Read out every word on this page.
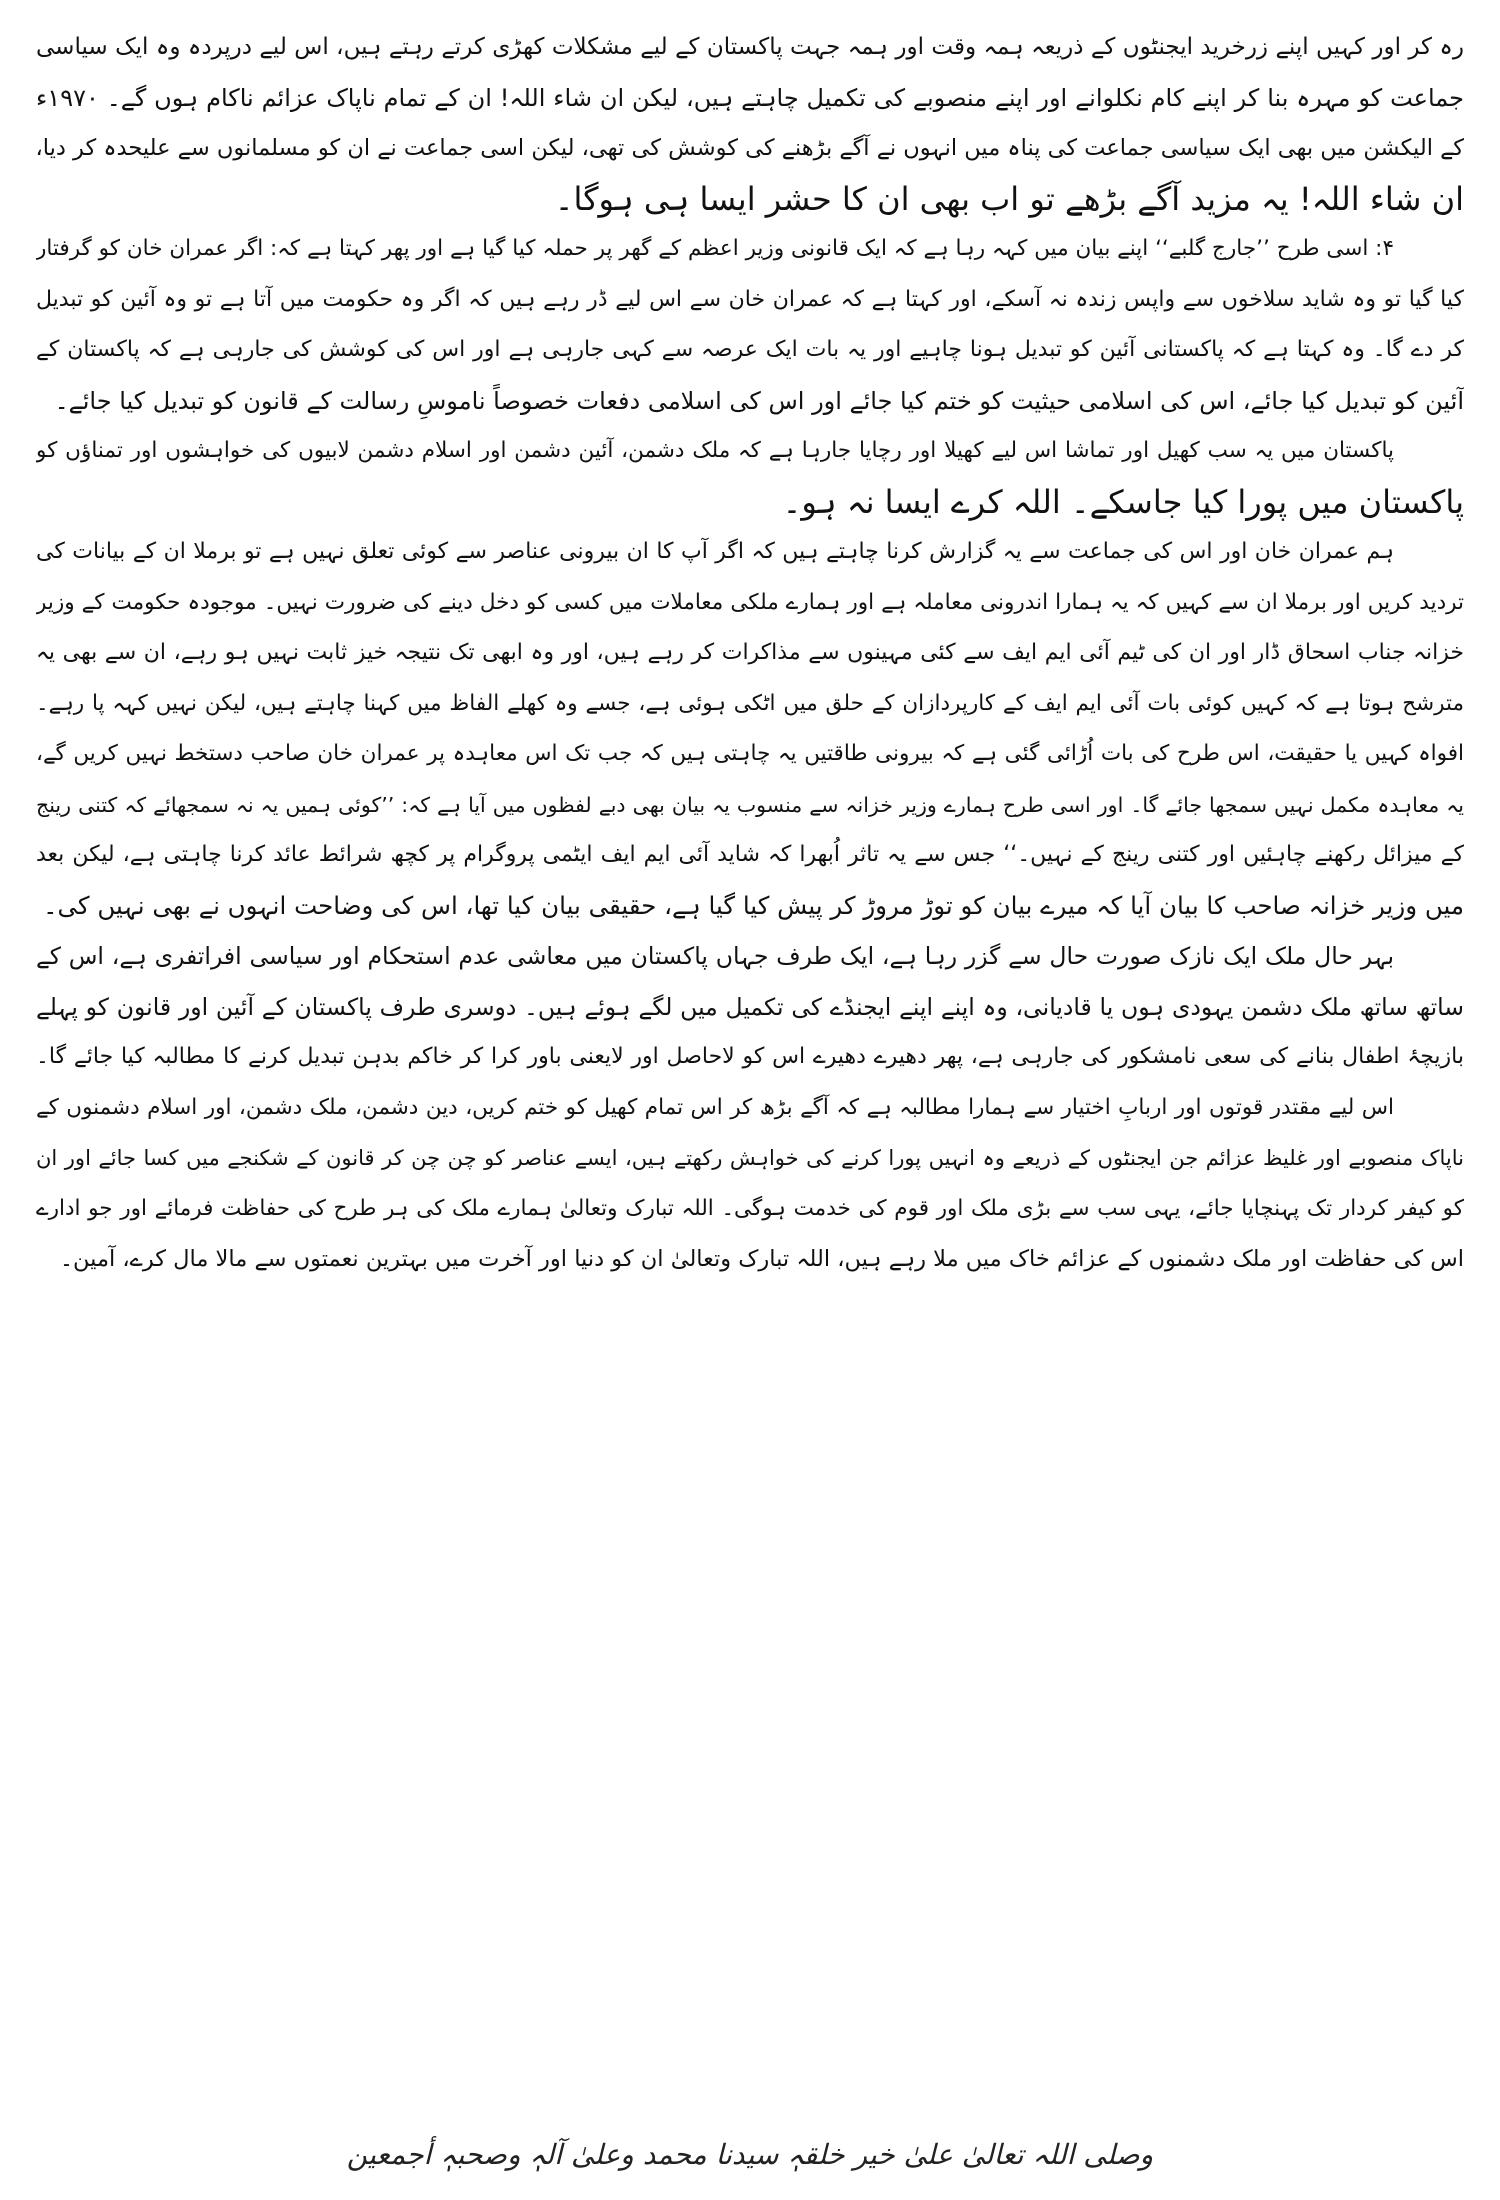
رہ کر اور کہیں اپنے زرخرید ایجنٹوں کے ذریعہ ہمہ وقت اور ہمہ جہت پاکستان کے لیے مشکلات کھڑی کرتے رہتے ہیں، اس لیے درپردہ وہ ایک سیاسی
جماعت کو مہرہ بنا کر اپنے کام نکلوانے اور اپنے منصوبے کی تکمیل چاہتے ہیں، لیکن ان شاء اللہ! ان کے تمام ناپاک عزائم ناکام ہوں گے۔ ۱۹۷۰ء
کے الیکشن میں بھی ایک سیاسی جماعت کی پناہ میں انہوں نے آگے بڑھنے کی کوشش کی تھی، لیکن اسی جماعت نے ان کو مسلمانوں سے علیحدہ کر دیا،
ان شاء اللہ! یہ مزید آگے بڑھے تو اب بھی ان کا حشر ایسا ہی ہوگا۔
۴: اسی طرح ’’جارج گلبے‘‘ اپنے بیان میں کہہ رہا ہے کہ ایک قانونی وزیر اعظم کے گھر پر حملہ کیا گیا ہے اور پھر کہتا ہے کہ: اگر عمران خان کو گرفتار
کیا گیا تو وہ شاید سلاخوں سے واپس زندہ نہ آسکے، اور کہتا ہے کہ عمران خان سے اس لیے ڈر رہے ہیں کہ اگر وہ حکومت میں آتا ہے تو وہ آئین کو تبدیل
کر دے گا۔ وہ کہتا ہے کہ پاکستانی آئین کو تبدیل ہونا چاہیے اور یہ بات ایک عرصہ سے کہی جارہی ہے اور اس کی کوشش کی جارہی ہے کہ پاکستان کے
آئین کو تبدیل کیا جائے، اس کی اسلامی حیثیت کو ختم کیا جائے اور اس کی اسلامی دفعات خصوصاً ناموسِ رسالت کے قانون کو تبدیل کیا جائے۔
پاکستان میں یہ سب کھیل اور تماشا اس لیے کھیلا اور رچایا جارہا ہے کہ ملک دشمن، آئین دشمن اور اسلام دشمن لابیوں کی خواہشوں اور تمناؤں کو
پاکستان میں پورا کیا جاسکے۔ اللہ کرے ایسا نہ ہو۔
ہم عمران خان اور اس کی جماعت سے یہ گزارش کرنا چاہتے ہیں کہ اگر آپ کا ان بیرونی عناصر سے کوئی تعلق نہیں ہے تو برملا ان کے بیانات کی
تردید کریں اور برملا ان سے کہیں کہ یہ ہمارا اندرونی معاملہ ہے اور ہمارے ملکی معاملات میں کسی کو دخل دینے کی ضرورت نہیں۔ موجودہ حکومت کے وزیر
خزانہ جناب اسحاق ڈار اور ان کی ٹیم آئی ایم ایف سے کئی مہینوں سے مذاکرات کر رہے ہیں، اور وہ ابھی تک نتیجہ خیز ثابت نہیں ہو رہے، ان سے بھی یہ
مترشح ہوتا ہے کہ کہیں کوئی بات آئی ایم ایف کے کارپردازان کے حلق میں اٹکی ہوئی ہے، جسے وہ کھلے الفاظ میں کہنا چاہتے ہیں، لیکن نہیں کہہ پا رہے۔
افواہ کہیں یا حقیقت، اس طرح کی بات اُڑائی گئی ہے کہ بیرونی طاقتیں یہ چاہتی ہیں کہ جب تک اس معاہدہ پر عمران خان صاحب دستخط نہیں کریں گے،
یہ معاہدہ مکمل نہیں سمجھا جائے گا۔ اور اسی طرح ہمارے وزیر خزانہ سے منسوب یہ بیان بھی دبے لفظوں میں آیا ہے کہ: ’’کوئی ہمیں یہ نہ سمجھائے کہ کتنی رینج
کے میزائل رکھنے چاہئیں اور کتنی رینج کے نہیں۔‘‘ جس سے یہ تاثر اُبھرا کہ شاید آئی ایم ایف ایٹمی پروگرام پر کچھ شرائط عائد کرنا چاہتی ہے، لیکن بعد
میں وزیر خزانہ صاحب کا بیان آیا کہ میرے بیان کو توڑ مروڑ کر پیش کیا گیا ہے، حقیقی بیان کیا تھا، اس کی وضاحت انہوں نے بھی نہیں کی۔
بہر حال ملک ایک نازک صورت حال سے گزر رہا ہے، ایک طرف جہاں پاکستان میں معاشی عدم استحکام اور سیاسی افراتفری ہے، اس کے
ساتھ ساتھ ملک دشمن یہودی ہوں یا قادیانی، وہ اپنے اپنے ایجنڈے کی تکمیل میں لگے ہوئے ہیں۔ دوسری طرف پاکستان کے آئین اور قانون کو پہلے
بازیچۂ اطفال بنانے کی سعی نامشکور کی جارہی ہے، پھر دھیرے دھیرے اس کو لاحاصل اور لایعنی باور کرا کر خاکم بدہن تبدیل کرنے کا مطالبہ کیا جائے گا۔
اس لیے مقتدر قوتوں اور اربابِ اختیار سے ہمارا مطالبہ ہے کہ آگے بڑھ کر اس تمام کھیل کو ختم کریں، دین دشمن، ملک دشمن، اور اسلام دشمنوں کے
ناپاک منصوبے اور غلیظ عزائم جن ایجنٹوں کے ذریعے وہ انہیں پورا کرنے کی خواہش رکھتے ہیں، ایسے عناصر کو چن چن کر قانون کے شکنجے میں کسا جائے اور ان
کو کیفر کردار تک پہنچایا جائے، یہی سب سے بڑی ملک اور قوم کی خدمت ہوگی۔ اللہ تبارک وتعالیٰ ہمارے ملک کی ہر طرح کی حفاظت فرمائے اور جو ادارے
اس کی حفاظت اور ملک دشمنوں کے عزائم خاک میں ملا رہے ہیں، اللہ تبارک وتعالیٰ ان کو دنیا اور آخرت میں بہترین نعمتوں سے مالا مال کرے، آمین۔
وصلی اللہ تعالیٰ علیٰ خیر خلقہٖ سیدنا محمد وعلیٰ آلہٖ وصحبہٖ أجمعین
